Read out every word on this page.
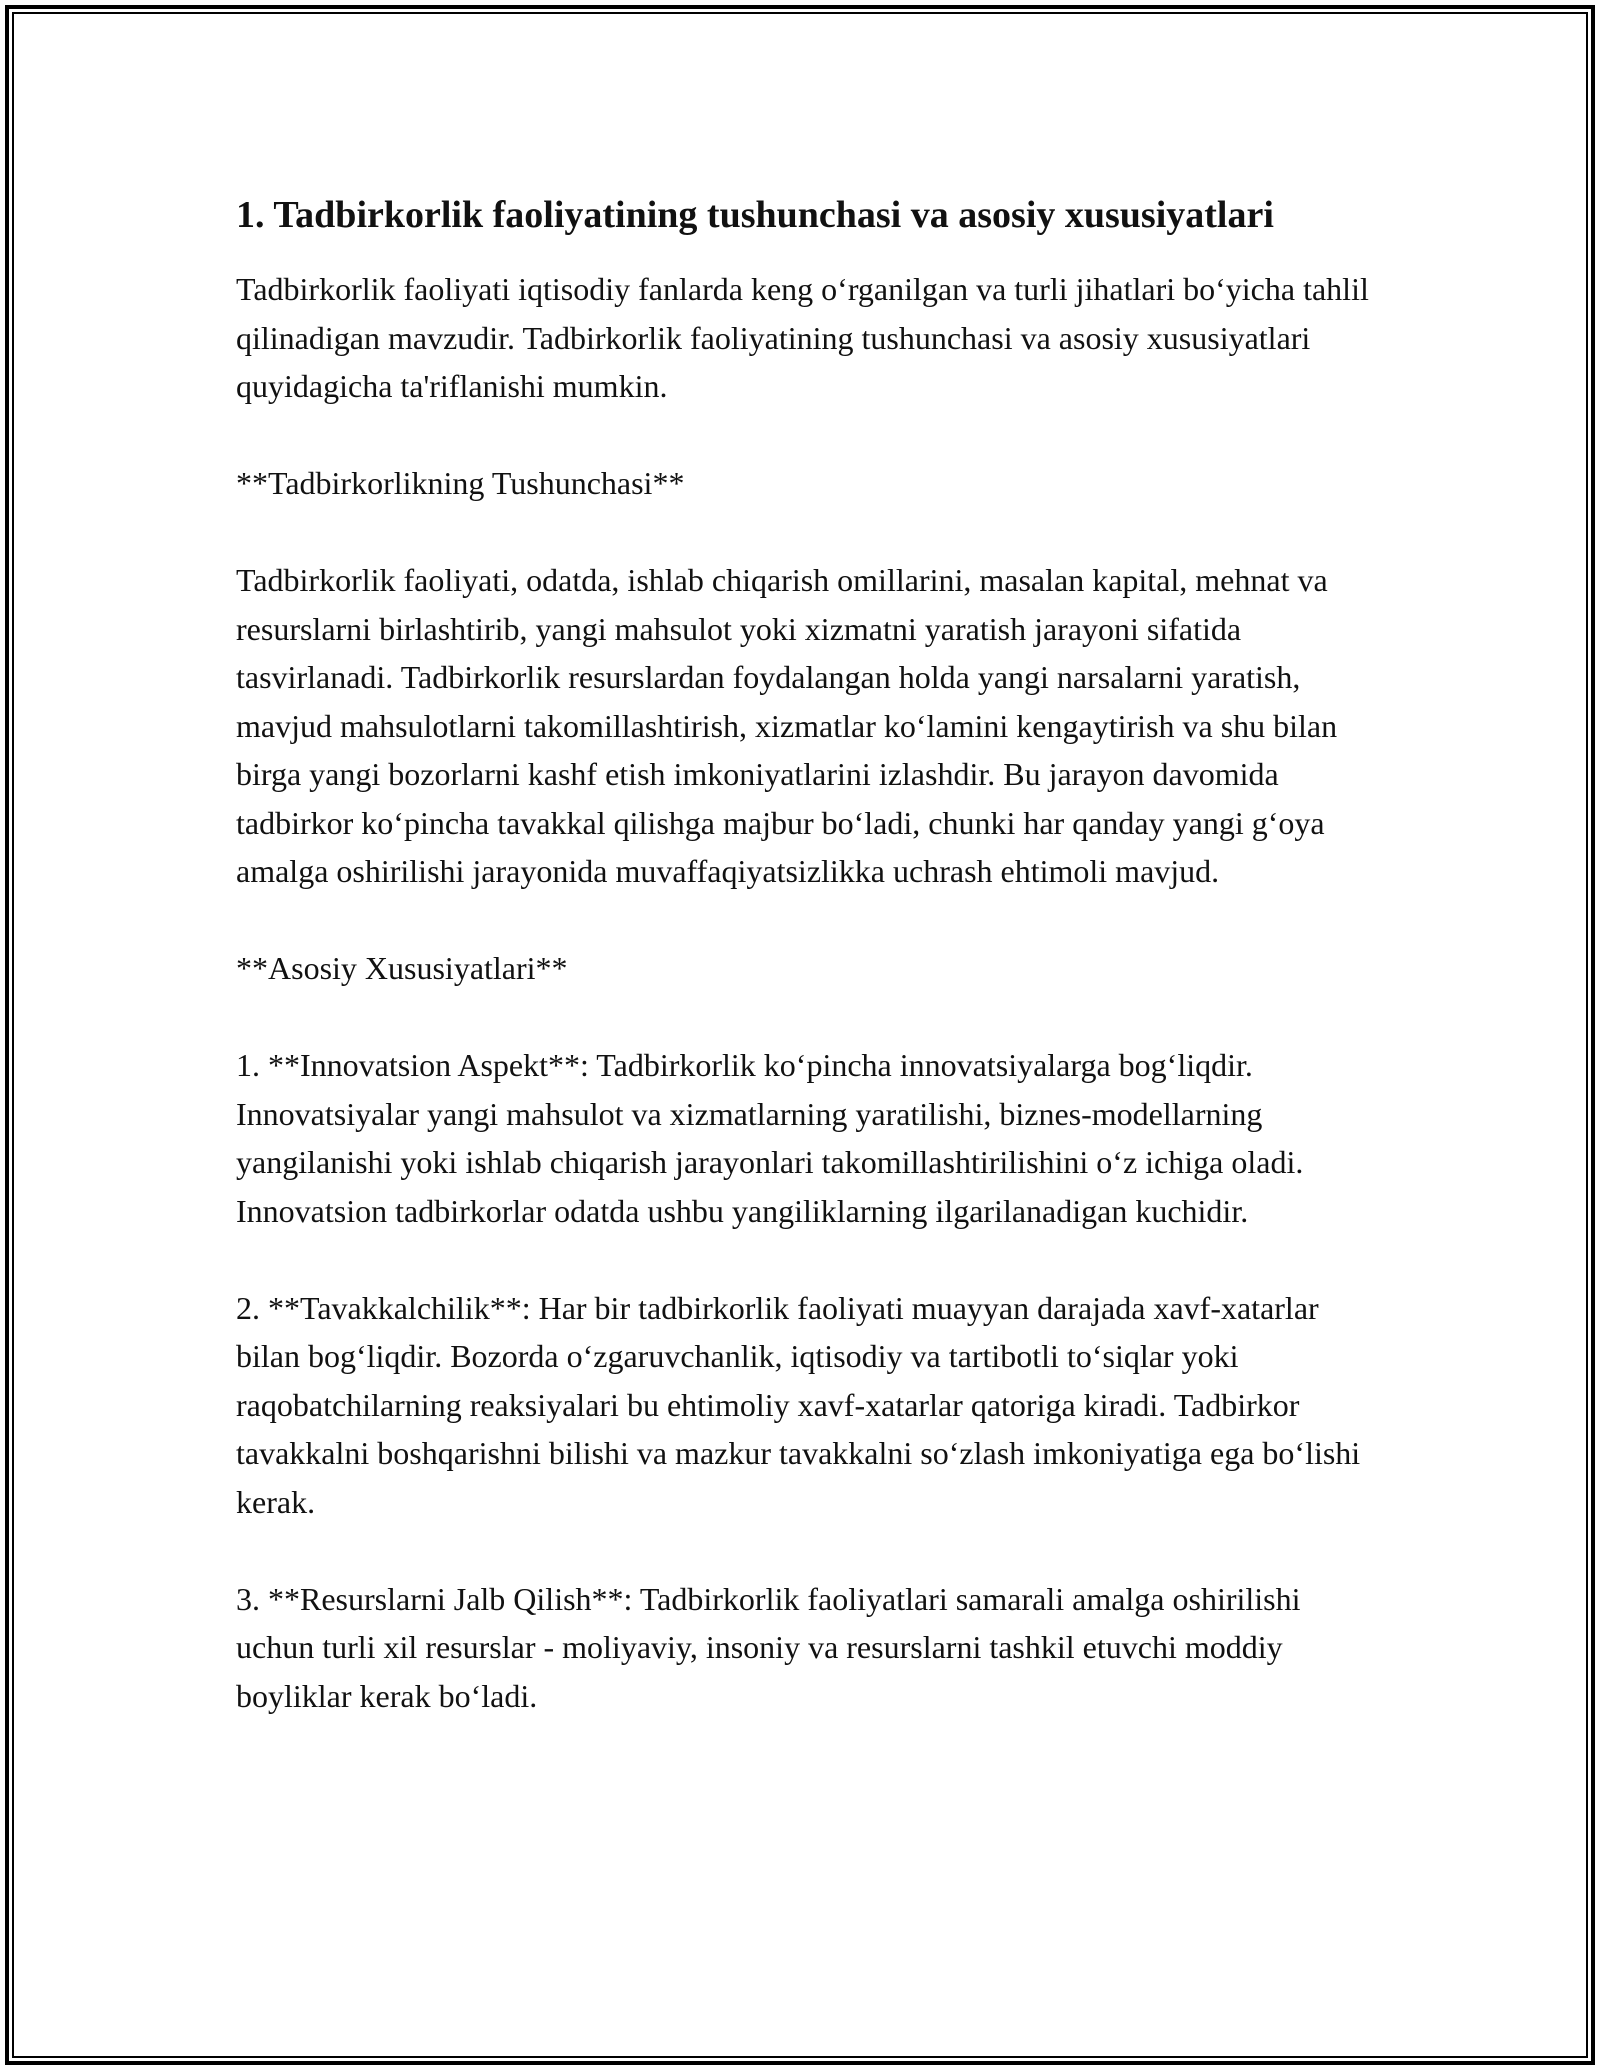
1. Tadbirkorlik faoliyatining tushunchasi va asosiy xususiyatlari

Tadbirkorlik faoliyati iqtisodiy fanlarda keng o‘rganilgan va turli jihatlari bo‘yicha tahlil qilinadigan mavzudir. Tadbirkorlik faoliyatining tushunchasi va asosiy xususiyatlari quyidagicha ta'riflanishi mumkin.

**Tadbirkorlikning Tushunchasi**

Tadbirkorlik faoliyati, odatda, ishlab chiqarish omillarini, masalan kapital, mehnat va resurslarni birlashtirib, yangi mahsulot yoki xizmatni yaratish jarayoni sifatida tasvirlanadi. Tadbirkorlik resurslardan foydalangan holda yangi narsalarni yaratish, mavjud mahsulotlarni takomillashtirish, xizmatlar ko‘lamini kengaytirish va shu bilan birga yangi bozorlarni kashf etish imkoniyatlarini izlashdir. Bu jarayon davomida tadbirkor ko‘pincha tavakkal qilishga majbur bo‘ladi, chunki har qanday yangi g‘oya amalga oshirilishi jarayonida muvaffaqiyatsizlikka uchrash ehtimoli mavjud.

**Asosiy Xususiyatlari**

1. **Innovatsion Aspekt**: Tadbirkorlik ko‘pincha innovatsiyalarga bog‘liqdir. Innovatsiyalar yangi mahsulot va xizmatlarning yaratilishi, biznes-modellarning yangilanishi yoki ishlab chiqarish jarayonlari takomillashtirilishini o‘z ichiga oladi. Innovatsion tadbirkorlar odatda ushbu yangiliklarning ilgarilanadigan kuchidir.

2. **Tavakkalchilik**: Har bir tadbirkorlik faoliyati muayyan darajada xavf-xatarlar bilan bog‘liqdir. Bozorda o‘zgaruvchanlik, iqtisodiy va tartibotli to‘siqlar yoki raqobatchilarning reaksiyalari bu ehtimoliy xavf-xatarlar qatoriga kiradi. Tadbirkor tavakkalni boshqarishni bilishi va mazkur tavakkalni so‘zlash imkoniyatiga ega bo‘lishi kerak.

3. **Resurslarni Jalb Qilish**: Tadbirkorlik faoliyatlari samarali amalga oshirilishi uchun turli xil resurslar - moliyaviy, insoniy va resurslarni tashkil etuvchi moddiy boyliklar kerak bo‘ladi.
